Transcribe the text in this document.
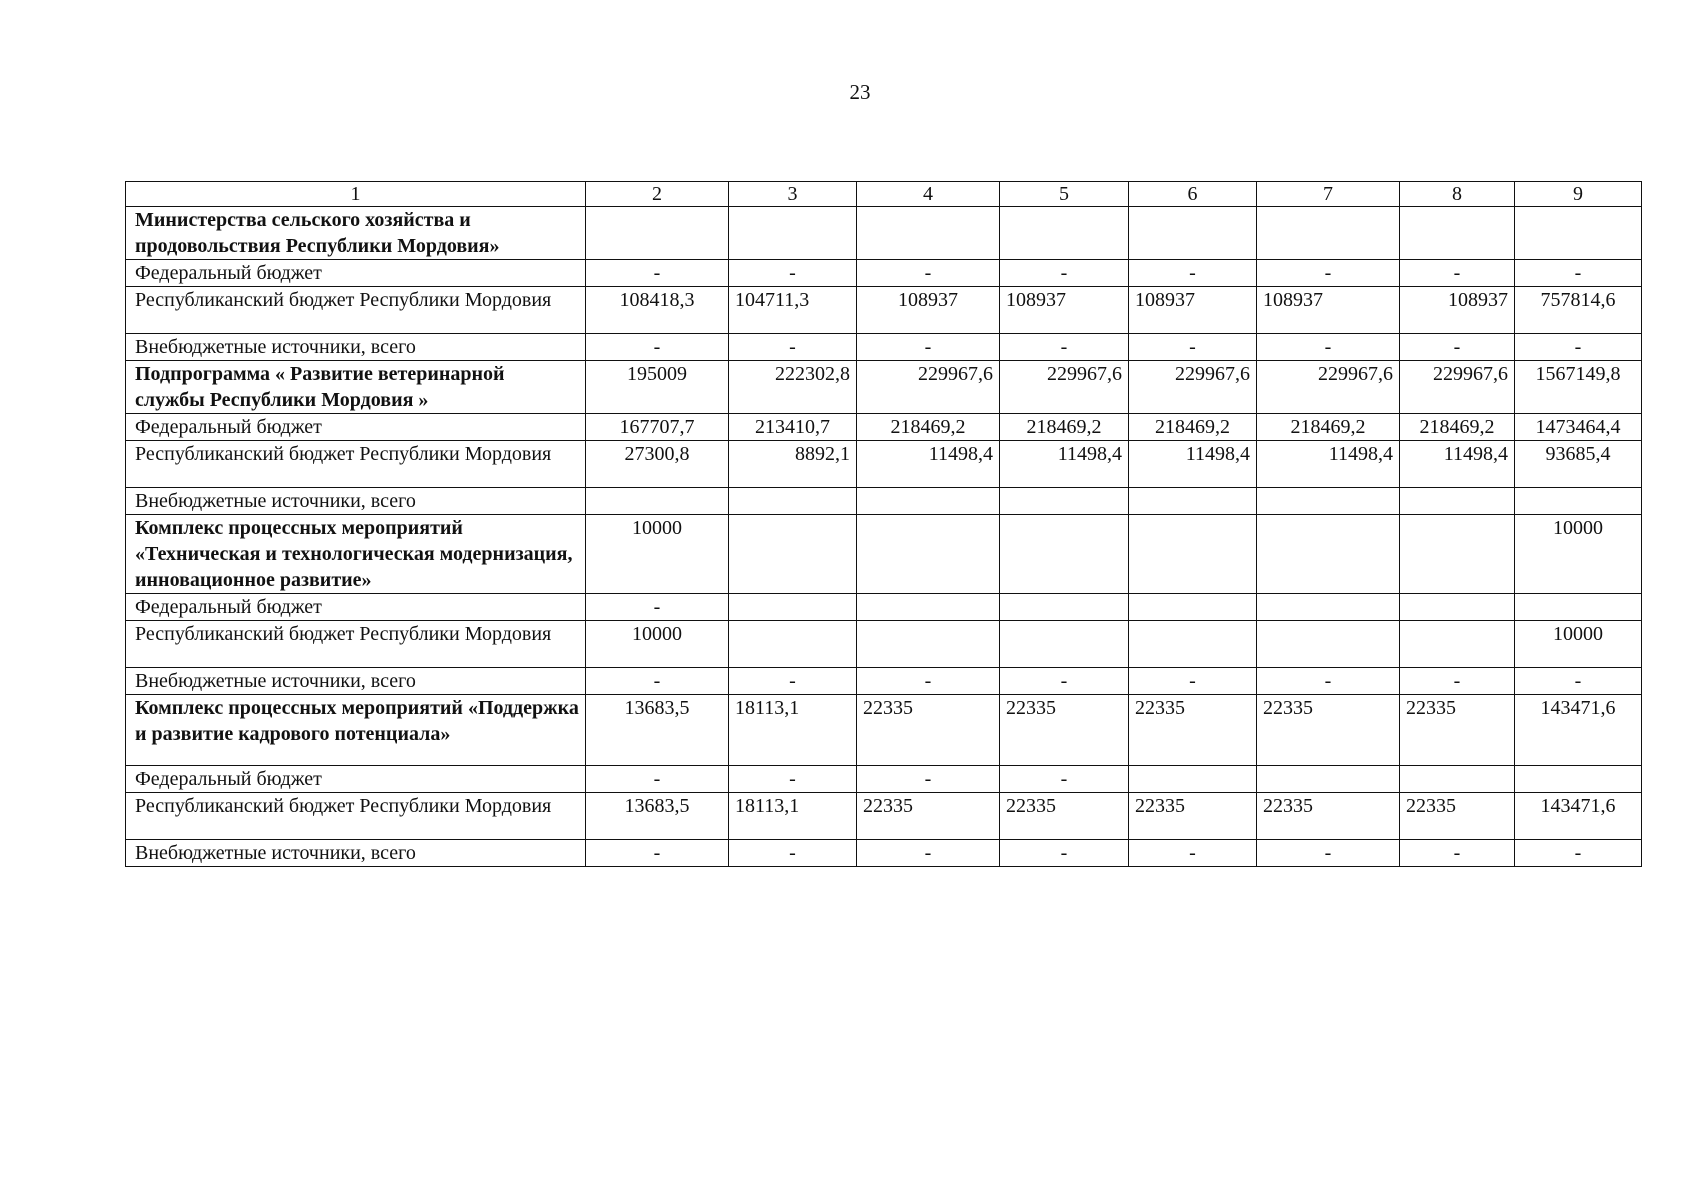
23
1	2	3	4	5	6	7	8	9
Министерства сельского хозяйства и продовольствия Республики Мордовия»								
Федеральный бюджет	-	-	-	-	-	-	-	-
Республиканский бюджет Республики Мордовия	108418,3	104711,3	108937	108937	108937	108937	108937	757814,6
Внебюджетные источники, всего	-	-	-	-	-	-	-	-
Подпрограмма « Развитие ветеринарной службы Республики Мордовия »	195009	222302,8	229967,6	229967,6	229967,6	229967,6	229967,6	1567149,8
Федеральный бюджет	167707,7	213410,7	218469,2	218469,2	218469,2	218469,2	218469,2	1473464,4
Республиканский бюджет Республики Мордовия	27300,8	8892,1	11498,4	11498,4	11498,4	11498,4	11498,4	93685,4
Внебюджетные источники, всего								
Комплекс процессных мероприятий «Техническая и технологическая модернизация, инновационное развитие»	10000							10000
Федеральный бюджет	-							
Республиканский бюджет Республики Мордовия	10000							10000
Внебюджетные источники, всего	-	-	-	-	-	-	-	-
Комплекс процессных мероприятий «Поддержка и развитие кадрового потенциала»	13683,5	18113,1	22335	22335	22335	22335	22335	143471,6
Федеральный бюджет	-	-	-	-				
Республиканский бюджет Республики Мордовия	13683,5	18113,1	22335	22335	22335	22335	22335	143471,6
Внебюджетные источники, всего	-	-	-	-	-	-	-	-
